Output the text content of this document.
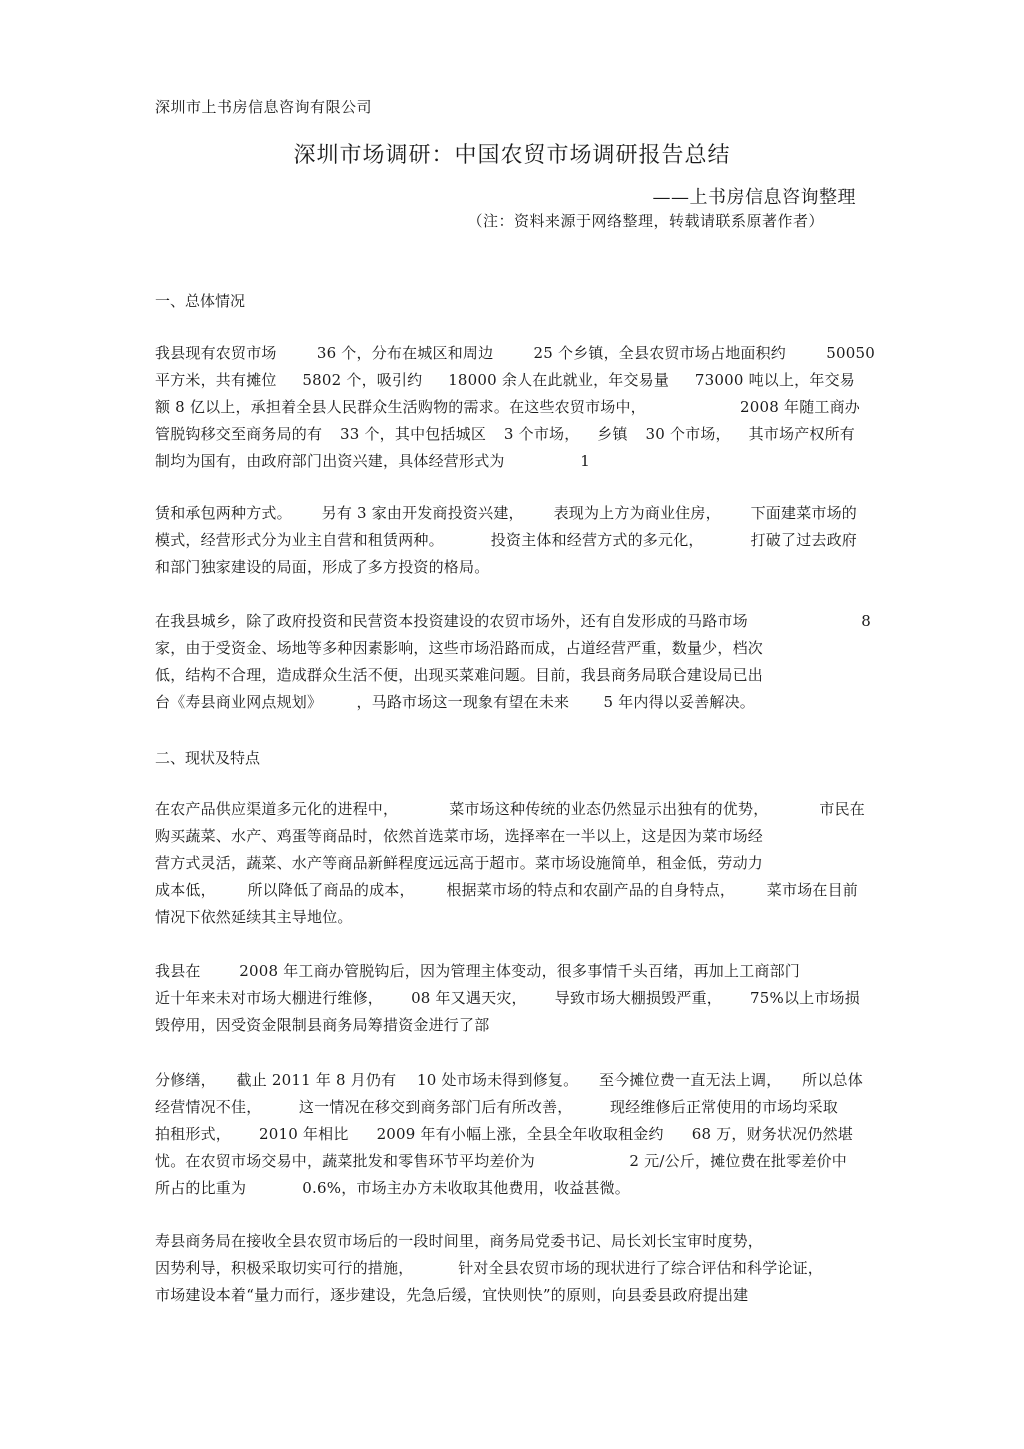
深圳市上书房信息咨询有限公司
深圳市场调研：中国农贸市场调研报告总结
——上书房信息咨询整理
（注：资料来源于网络整理，转载请联系原著作者）
一、总体情况
我县现有农贸市场	36 个，分布在城区和周边	25 个乡镇，全县农贸市场占地面积约	50050
平方米，共有摊位 5802 个，吸引约 18000 余人在此就业，年交易量 73000 吨以上，年交易
额 8 亿以上，承担着全县人民群众生活购物的需求。在这些农贸市场中，	2008 年随工商办
管脱钩移交至商务局的有 33 个，其中包括城区 3 个市场， 乡镇 30 个市场， 其市场产权所有
制均为国有，由政府部门出资兴建，具体经营形式为	1
赁和承包两种方式。 另有 3 家由开发商投资兴建， 表现为上方为商业住房， 下面建菜市场的
模式，经营形式分为业主自营和租赁两种。	投资主体和经营方式的多元化，	打破了过去政府
和部门独家建设的局面，形成了多方投资的格局。
在我县城乡，除了政府投资和民营资本投资建设的农贸市场外，还有自发形成的马路市场	8
家，由于受资金、场地等多种因素影响，这些市场沿路而成，占道经营严重，数量少，档次
低，结构不合理，造成群众生活不便，出现买菜难问题。目前，我县商务局联合建设局已出
台《寿县商业网点规划》 ，马路市场这一现象有望在未来 5 年内得以妥善解决。
二、现状及特点
在农产品供应渠道多元化的进程中，	菜市场这种传统的业态仍然显示出独有的优势，	市民在
购买蔬菜、水产、鸡蛋等商品时，依然首选菜市场，选择率在一半以上，这是因为菜市场经
营方式灵活，蔬菜、水产等商品新鲜程度远远高于超市。菜市场设施简单，租金低，劳动力
成本低， 所以降低了商品的成本， 根据菜市场的特点和农副产品的自身特点， 菜市场在目前
情况下依然延续其主导地位。
我县在	2008 年工商办管脱钩后，因为管理主体变动，很多事情千头百绪，再加上工商部门
近十年来未对市场大棚进行维修， 08 年又遇天灾， 导致市场大棚损毁严重， 75%以上市场损
毁停用，因受资金限制县商务局筹措资金进行了部
分修缮， 截止 2011 年 8 月仍有 10 处市场未得到修复。 至今摊位费一直无法上调， 所以总体
经营情况不佳， 这一情况在移交到商务部门后有所改善， 现经维修后正常使用的市场均采取
拍租形式， 2010 年相比 2009 年有小幅上涨，全县全年收取租金约 68 万，财务状况仍然堪
忧。在农贸市场交易中，蔬菜批发和零售环节平均差价为	2 元/公斤，摊位费在批零差价中
所占的比重为	0.6%，市场主办方未收取其他费用，收益甚微。
寿县商务局在接收全县农贸市场后的一段时间里，商务局党委书记、局长刘长宝审时度势，
因势利导，积极采取切实可行的措施，	针对全县农贸市场的现状进行了综合评估和科学论证，
市场建设本着“量力而行，逐步建设，先急后缓，宜快则快”的原则，向县委县政府提出建
